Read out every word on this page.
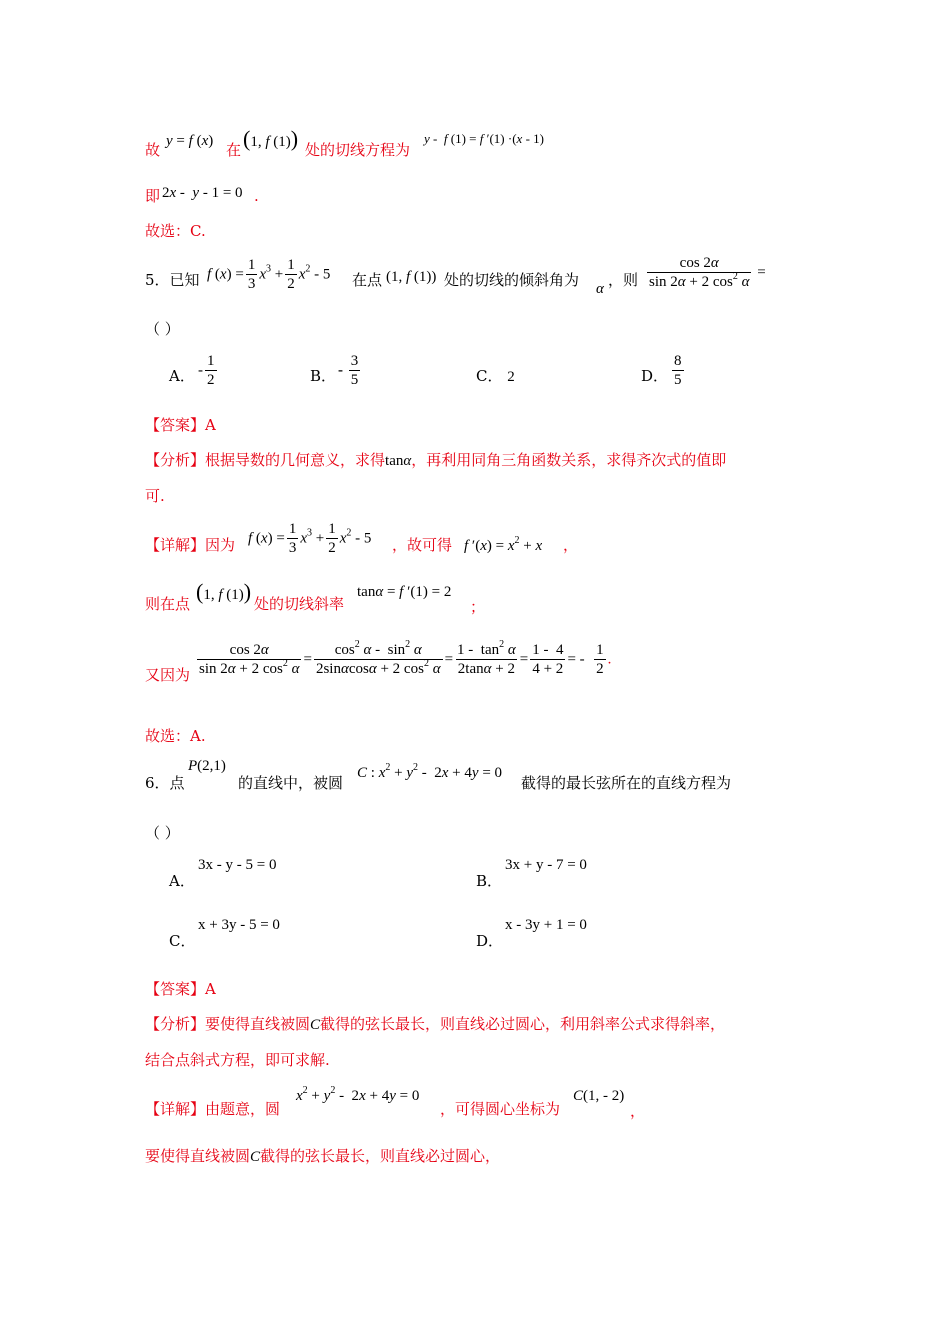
故 y = f (x) 在 (1, f (1)) 处的切线方程为
y -  f (1) = f ′(1) ·(x - 1)
即 2x -  y - 1 = 0 .
故选：C.
5．已知 f $(x) = \frac{1}{3} x^3 + \frac{1}{2} x^2 - 5$ 在点 (1, f (1)) 处的切线的倾斜角为 α ，则 $\frac{\cos 2\alpha}{\sin 2\alpha + 2 \cos^2 \alpha}$ =
（ ）
A． - $\frac{1}{2}$	B． - $\frac{3}{5}$	C． 2	D． $\frac{8}{5}$
【答案】A
【分析】根据导数的几何意义，求得tanα，再利用同角三角函数关系，求得齐次式的值即
可.
【详解】因为 f $(x) = \frac{1}{3} x^3 + \frac{1}{2} x^2 - 5$ ，故可得 f $'(x) = x^2 + x$ ，
则在点 (1, f (1)) 处的切线斜率
tanα = f ′(1) = 2
；
又因为 $\frac{\cos 2\alpha}{\sin 2\alpha + 2 \cos^2 \alpha} = \frac{\cos^2 \alpha - \sin^2 \alpha}{2\sin\alpha\cos\alpha + 2 \cos^2 \alpha} = \frac{1 - \tan^2 \alpha}{2\tan\alpha + 2} = \frac{1 - 4}{4 + 2}$ = - $\frac{1}{2}$ .
故选：A.
6．点
P(2,1)
的直线中，被圆
C : $x^2 + y^2 - 2x + 4y = 0$
截得的最长弦所在的直线方程为
（ ）
A．
3x - y - 5 = 0
B．
3x + y - 7 = 0
C．
x + 3y - 5 = 0
D．
x - 3y + 1 = 0
【答案】A
【分析】要使得直线被圆C截得的弦长最长，则直线必过圆心，利用斜率公式求得斜率，
结合点斜式方程，即可求解.
【详解】由题意，圆
$x^2 + y^2 - 2x + 4y = 0$
，可得圆心坐标为
C(1, - 2)
，
要使得直线被圆C截得的弦长最长，则直线必过圆心，
